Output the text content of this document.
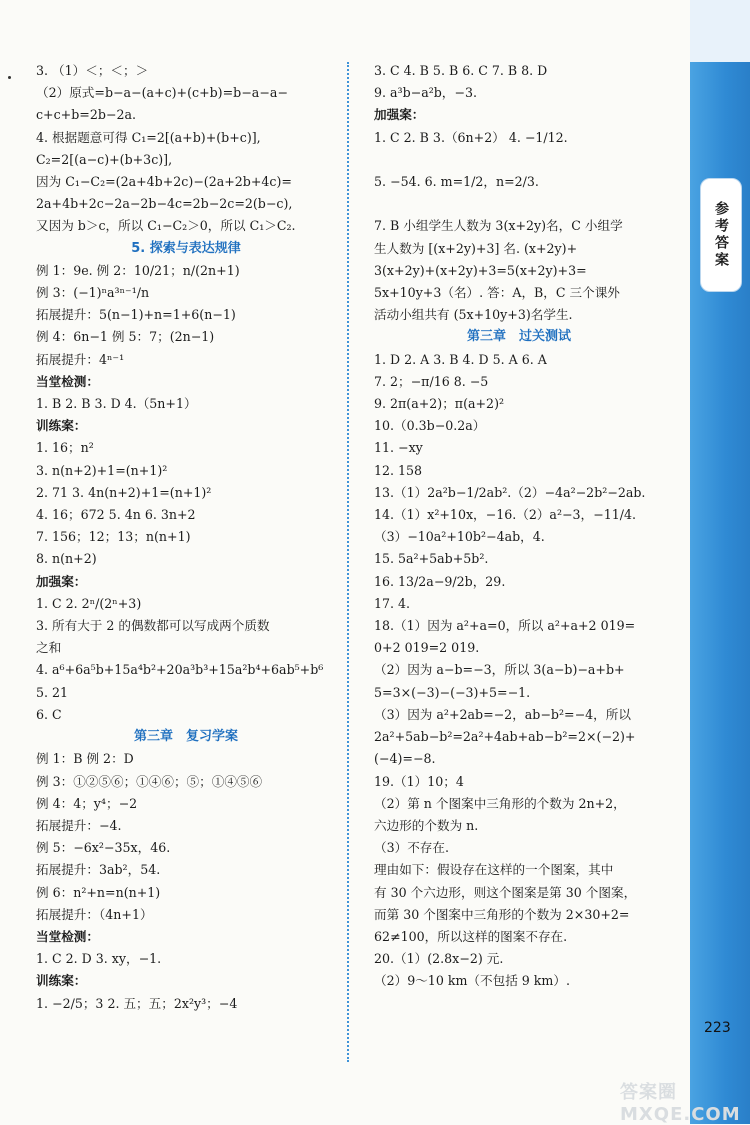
参考答案
3. （1）＜；＜；＞
（2）原式=b−a−(a+c)+(c+b)=b−a−a−
c+c+b=2b−2a.
4. 根据题意可得 C₁=2[(a+b)+(b+c)],
C₂=2[(a−c)+(b+3c)],
因为 C₁−C₂=(2a+4b+2c)−(2a+2b+4c)=
2a+4b+2c−2a−2b−4c=2b−2c=2(b−c),
又因为 b＞c，所以 C₁−C₂＞0，所以 C₁＞C₂.
5. 探索与表达规律
例 1：9e. 例 2：10/21；n/(2n+1)
例 3：(−1)ⁿa³ⁿ⁻¹/n
拓展提升：5(n−1)+n=1+6(n−1)
例 4：6n−1 例 5：7；(2n−1)
拓展提升：4ⁿ⁻¹
当堂检测：
1. B 2. B 3. D 4.（5n+1）
训练案：
1. 16；n²
3. n(n+2)+1=(n+1)²
2. 71 3. 4n(n+2)+1=(n+1)²
4. 16；672 5. 4n 6. 3n+2
7. 156；12；13；n(n+1)
8. n(n+2)
加强案：
1. C 2. 2ⁿ/(2ⁿ+3)
3. 所有大于 2 的偶数都可以写成两个质数
之和
4. a⁶+6a⁵b+15a⁴b²+20a³b³+15a²b⁴+6ab⁵+b⁶
5. 21
6. C
第三章　复习学案
例 1：B 例 2：D
例 3：①②⑤⑥；①④⑥；⑤；①④⑤⑥
例 4：4；y⁴；−2
拓展提升：−4.
例 5：−6x²−35x，46.
拓展提升：3ab²，54.
例 6：n²+n=n(n+1)
拓展提升：（4n+1）
当堂检测：
1. C 2. D 3. xy，−1.
训练案：
1. −2/5；3 2. 五；五；2x²y³；−4
3. C 4. B 5. B 6. C 7. B 8. D
9. a³b−a²b，−3.
加强案：
1. C 2. B 3.（6n+2） 4. −1/12.

5. −54. 6. m=1/2，n=2/3.

7. B 小组学生人数为 3(x+2y)名，C 小组学
生人数为 [(x+2y)+3] 名. (x+2y)+
3(x+2y)+(x+2y)+3=5(x+2y)+3=
5x+10y+3（名）. 答：A，B，C 三个课外
活动小组共有 (5x+10y+3)名学生.
第三章　过关测试
1. D 2. A 3. B 4. D 5. A 6. A
7. 2；−π/16 8. −5
9. 2π(a+2)；π(a+2)²
10.（0.3b−0.2a）
11. −xy
12. 158
13.（1）2a²b−1/2ab².（2）−4a²−2b²−2ab.
14.（1）x²+10x，−16.（2）a²−3，−11/4.
（3）−10a²+10b²−4ab，4.
15. 5a²+5ab+5b².
16. 13/2a−9/2b，29.
17. 4.
18.（1）因为 a²+a=0，所以 a²+a+2 019=
0+2 019=2 019.
（2）因为 a−b=−3，所以 3(a−b)−a+b+
5=3×(−3)−(−3)+5=−1.
（3）因为 a²+2ab=−2，ab−b²=−4，所以
2a²+5ab−b²=2a²+4ab+ab−b²=2×(−2)+
(−4)=−8.
19.（1）10；4
（2）第 n 个图案中三角形的个数为 2n+2，
六边形的个数为 n.
（3）不存在.
理由如下：假设存在这样的一个图案，其中
有 30 个六边形，则这个图案是第 30 个图案，
而第 30 个图案中三角形的个数为 2×30+2=
62≠100，所以这样的图案不存在.
20.（1）(2.8x−2) 元.
（2）9～10 km（不包括 9 km）.
223
答案圈 MXQE.COM
